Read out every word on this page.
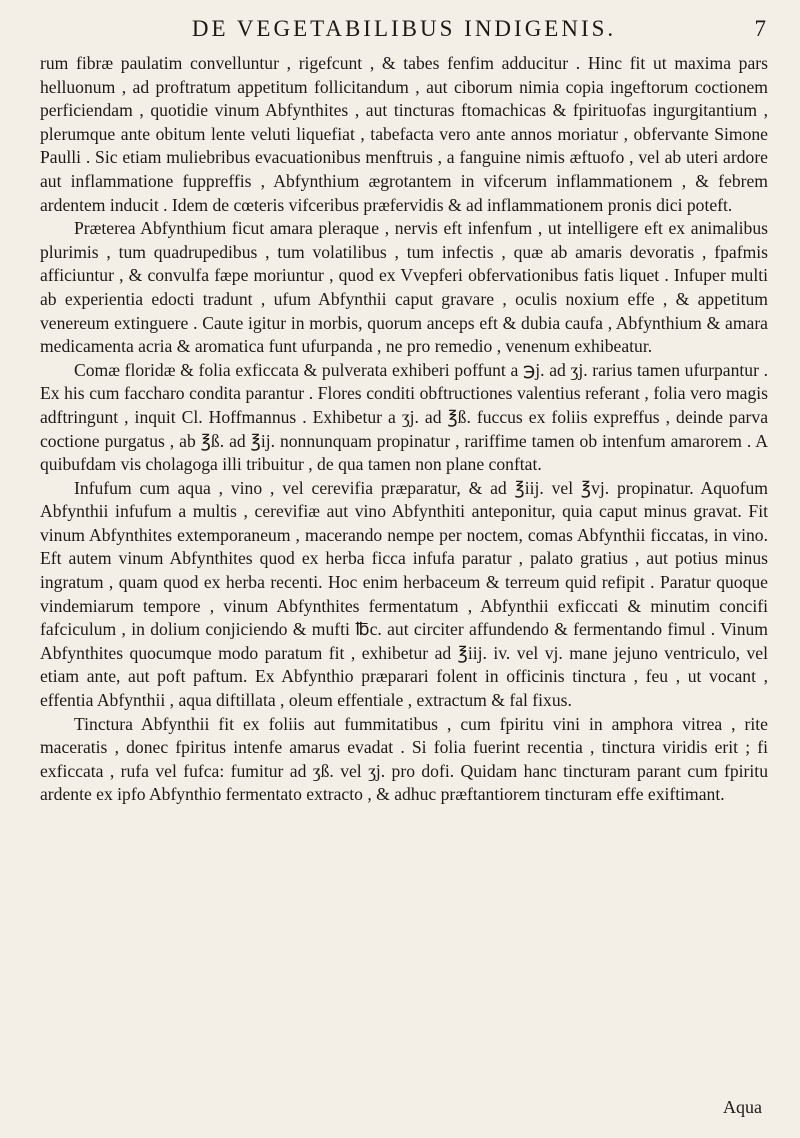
DE VEGETABILIBUS INDIGENIS.	7

rum fibræ paulatim convelluntur , rigefcunt , & tabes fenfim adducitur . Hinc fit ut maxima pars helluonum , ad proftratum appetitum follicitandum , aut ciborum nimia copia ingeftorum coctionem perficiendam , quotidie vinum Abfynthites , aut tincturas ftomachicas & fpirituofas ingurgitantium , plerumque ante obitum lente veluti liquefiat , tabefacta vero ante annos moriatur , obfervante Simone Paulli . Sic etiam muliebribus evacuationibus menftruis , a fanguine nimis æftuofo , vel ab uteri ardore aut inflammatione fuppreffis , Abfynthium ægrotantem in vifcerum inflammationem , & febrem ardentem inducit . Idem de cœteris vifceribus præfervidis & ad inflammationem pronis dici poteft.

Præterea Abfynthium ficut amara pleraque , nervis eft infenfum , ut intelligere eft ex animalibus plurimis , tum quadrupedibus , tum volatilibus , tum infectis , quæ ab amaris devoratis , fpafmis afficiuntur , & convulfa fæpe moriuntur , quod ex Vvepferi obfervationibus fatis liquet . Infuper multi ab experientia edocti tradunt , ufum Abfynthii caput gravare , oculis noxium effe , & appetitum venereum extinguere . Caute igitur in morbis, quorum anceps eft & dubia caufa , Abfynthium & amara medicamenta acria & aromatica funt ufurpanda , ne pro remedio , venenum exhibeatur.

Comæ floridæ & folia exficcata & pulverata exhiberi poffunt a ℈j. ad ʒj. rarius tamen ufurpantur . Ex his cum faccharo condita parantur . Flores conditi obftructiones valentius referant , folia vero magis adftringunt , inquit Cl. Hoffmannus . Exhibetur a ʒj. ad ℥ß. fuccus ex foliis expreffus , deinde parva coctione purgatus , ab ℥ß. ad ℥ij. nonnunquam propinatur , rariffime tamen ob intenfum amarorem . A quibufdam vis cholagoga illi tribuitur , de qua tamen non plane conftat.

Infufum cum aqua , vino , vel cerevifia præparatur, & ad ℥iij. vel ℥vj. propinatur. Aquofum Abfynthii infufum a multis , cerevifiæ aut vino Abfynthiti anteponitur, quia caput minus gravat. Fit vinum Abfynthites extemporaneum , macerando nempe per noctem, comas Abfynthii ficcatas, in vino. Eft autem vinum Abfynthites quod ex herba ficca infufa paratur , palato gratius , aut potius minus ingratum , quam quod ex herba recenti. Hoc enim herbaceum & terreum quid refipit . Paratur quoque vindemiarum tempore , vinum Abfynthites fermentatum , Abfynthii exficcati & minutim concifi fafciculum , in dolium conjiciendo & mufti ℔c. aut circiter affundendo & fermentando fimul . Vinum Abfynthites quocumque modo paratum fit , exhibetur ad ℥iij. iv. vel vj. mane jejuno ventriculo, vel etiam ante, aut poft paftum. Ex Abfynthio præparari folent in officinis tinctura , feu , ut vocant , effentia Abfynthii , aqua diftillata , oleum effentiale , extractum & fal fixus.

Tinctura Abfynthii fit ex foliis aut fummitatibus , cum fpiritu vini in amphora vitrea , rite maceratis , donec fpiritus intenfe amarus evadat . Si folia fuerint recentia , tinctura viridis erit ; fi exficcata , rufa vel fufca: fumitur ad ʒß. vel ʒj. pro dofi. Quidam hanc tincturam parant cum fpiritu ardente ex ipfo Abfynthio fermentato extracto , & adhuc præftantiorem tincturam effe exiftimant.

Aqua
